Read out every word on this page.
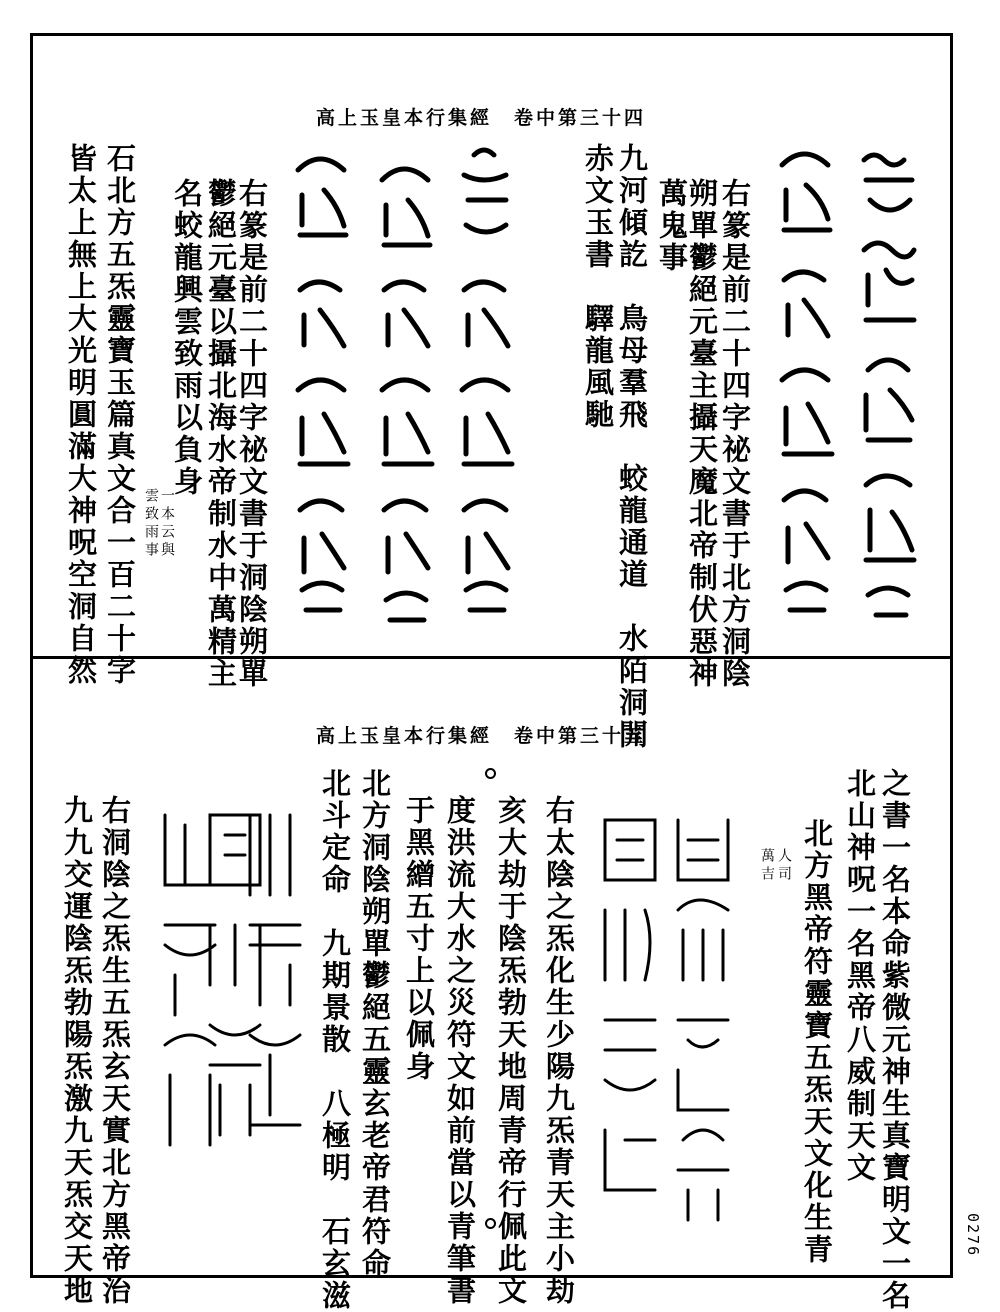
高上玉皇本行集經　卷中第三十四
高上玉皇本行集經　卷中第三十五
右篆是前二十四字祕文書于北方洞陰
朔單鬱絕元臺主攝天魔北帝制伏惡神
萬鬼事
九河傾訖　鳥母羣飛　蛟龍通道　水陌洞開
赤文玉書　驛龍風馳
右篆是前二十四字祕文書于洞陰朔單
鬱絕元臺以攝北海水帝制水中萬精主
名蛟龍興雲致雨以負身
一本云與
雲致雨事
石北方五炁靈寶玉篇真文合一百二十字
皆太上無上大光明圓滿大神呪空洞自然
之書一名本命紫微元神生真寶明文一名
北山神呪一名黑帝八威制天文
北方黑帝符靈寶五炁天文化生青
人司
萬吉
右太陰之炁化生少陽九炁青天主小劫
亥大劫于陰炁勃天地周青帝行佩此文
度洪流大水之災符文如前當以青筆書
于黑繒五寸上以佩身
北方洞陰朔單鬱絕五靈玄老帝君符命
北斗定命　九期景散　八極明　石玄滋
右洞陰之炁生五炁玄天實北方黑帝治
九九交運陰炁勃陽炁激九天炁交天地	0276
